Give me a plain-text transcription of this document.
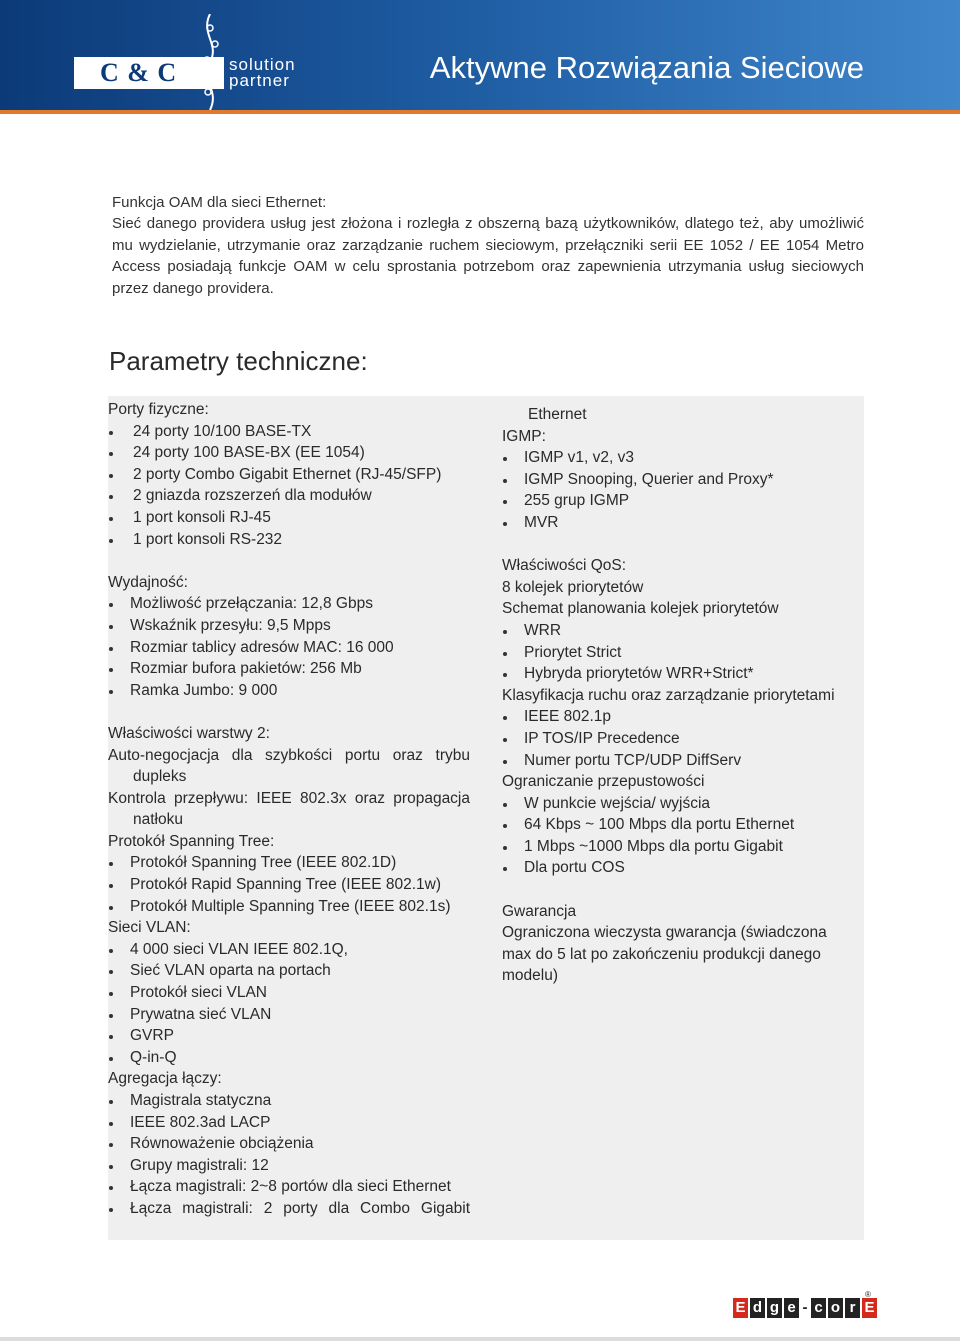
C & C	solution
partner	Aktywne Rozwiązania Sieciowe
Funkcja OAM dla sieci Ethernet:
Sieć danego providera usług jest złożona i rozległa z obszerną bazą użytkowników, dlatego też, aby umożliwić mu wydzielanie, utrzymanie oraz zarządzanie ruchem sieciowym, przełączniki serii EE 1052 / EE 1054 Metro Access posiadają funkcje OAM w celu sprostania potrzebom oraz zapewnienia utrzymania usług sieciowych przez danego providera.
Parametry techniczne:
Porty fizyczne:
24 porty 10/100 BASE-TX
24 porty 100 BASE-BX (EE 1054)
2 porty Combo Gigabit Ethernet (RJ-45/SFP)
2 gniazda rozszerzeń dla modułów
1 port konsoli RJ-45
1 port konsoli RS-232
Wydajność:
Możliwość przełączania: 12,8 Gbps
Wskaźnik przesyłu: 9,5 Mpps
Rozmiar tablicy adresów MAC: 16 000
Rozmiar bufora pakietów: 256 Mb
Ramka Jumbo: 9 000
Właściwości warstwy 2:
Auto-negocjacja dla szybkości portu oraz trybu
dupleks
Kontrola przepływu: IEEE 802.3x oraz propagacja
natłoku
Protokół Spanning Tree:
Protokół Spanning Tree (IEEE 802.1D)
Protokół Rapid Spanning Tree (IEEE 802.1w)
Protokół Multiple Spanning Tree (IEEE 802.1s)
Sieci VLAN:
4 000 sieci VLAN IEEE 802.1Q,
Sieć VLAN oparta na portach
Protokół sieci VLAN
Prywatna sieć VLAN
GVRP
Q-in-Q
Agregacja łączy:
Magistrala statyczna
IEEE 802.3ad LACP
Równoważenie obciążenia
Grupy magistrali: 12
Łącza magistrali: 2~8 portów dla sieci Ethernet
Łącza magistrali: 2 porty dla Combo Gigabit
Ethernet
IGMP:
IGMP v1, v2, v3
IGMP Snooping, Querier and Proxy*
255 grup IGMP
MVR
Właściwości QoS:
8 kolejek priorytetów
Schemat planowania kolejek priorytetów
WRR
Priorytet Strict
Hybryda priorytetów WRR+Strict*
Klasyfikacja ruchu oraz zarządzanie priorytetami
IEEE 802.1p
IP TOS/IP Precedence
Numer portu TCP/UDP DiffServ
Ograniczanie przepustowości
W punkcie wejścia/ wyjścia
64 Kbps ~ 100 Mbps dla portu Ethernet
1 Mbps ~1000 Mbps dla portu Gigabit
Dla portu COS
Gwarancja
Ograniczona wieczysta gwarancja (świadczona max do 5 lat po zakończeniu produkcji danego modelu)
E d g e - c o r E
®
